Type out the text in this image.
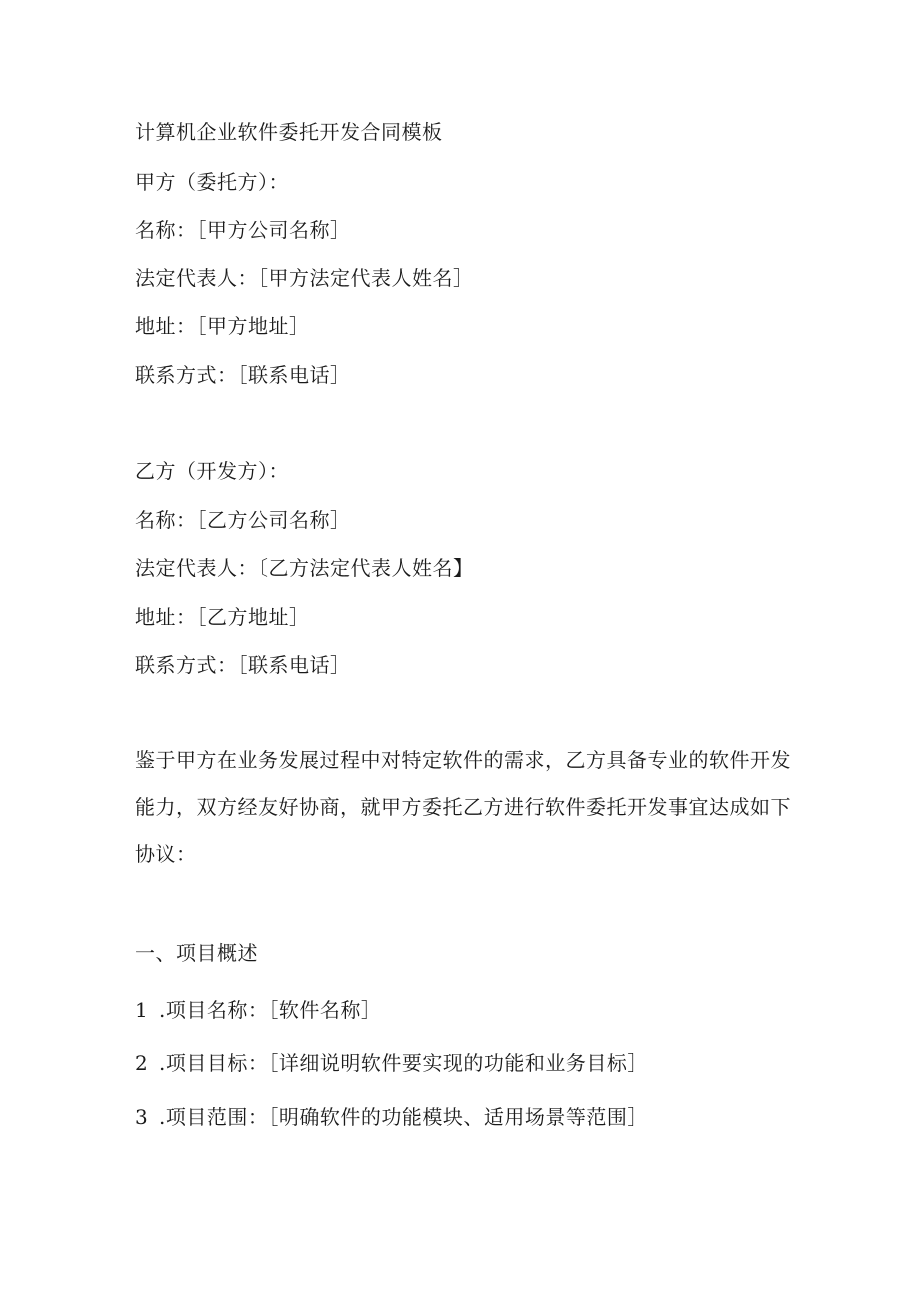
计算机企业软件委托开发合同模板
甲方（委托方）：
名称：［甲方公司名称］
法定代表人：［甲方法定代表人姓名］
地址：［甲方地址］
联系方式：［联系电话］
乙方（开发方）：
名称：［乙方公司名称］
法定代表人：〔乙方法定代表人姓名】
地址：［乙方地址］
联系方式：［联系电话］
鉴于甲方在业务发展过程中对特定软件的需求，乙方具备专业的软件开发
能力，双方经友好协商，就甲方委托乙方进行软件委托开发事宜达成如下
协议：
一、项目概述
1 .项目名称：［软件名称］
2 .项目目标：［详细说明软件要实现的功能和业务目标］
3 .项目范围：［明确软件的功能模块、适用场景等范围］
